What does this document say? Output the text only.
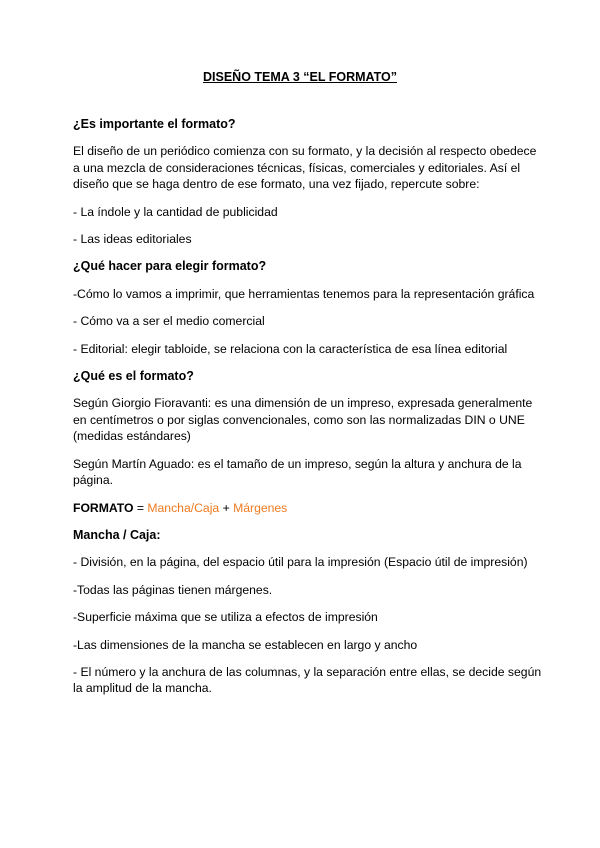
DISEÑO TEMA 3 “EL FORMATO”
¿Es importante el formato?

El diseño de un periódico comienza con su formato, y la decisión al respecto obedece a una mezcla de consideraciones técnicas, físicas, comerciales y editoriales. Así el diseño que se haga dentro de ese formato, una vez fijado, repercute sobre:

- La índole y la cantidad de publicidad

- Las ideas editoriales

¿Qué hacer para elegir formato?

-Cómo lo vamos a imprimir, que herramientas tenemos para la representación gráfica

- Cómo va a ser el medio comercial

- Editorial: elegir tabloide, se relaciona con la característica de esa línea editorial

¿Qué es el formato?

Según Giorgio Fioravanti: es una dimensión de un impreso, expresada generalmente en centímetros o por siglas convencionales, como son las normalizadas DIN o UNE (medidas estándares)

Según Martín Aguado: es el tamaño de un impreso, según la altura y anchura de la página.

FORMATO = Mancha/Caja + Márgenes

Mancha / Caja:

- División, en la página, del espacio útil para la impresión (Espacio útil de impresión)

-Todas las páginas tienen márgenes.

-Superficie máxima que se utiliza a efectos de impresión

-Las dimensiones de la mancha se establecen en largo y ancho

- El número y la anchura de las columnas, y la separación entre ellas, se decide según la amplitud de la mancha.
